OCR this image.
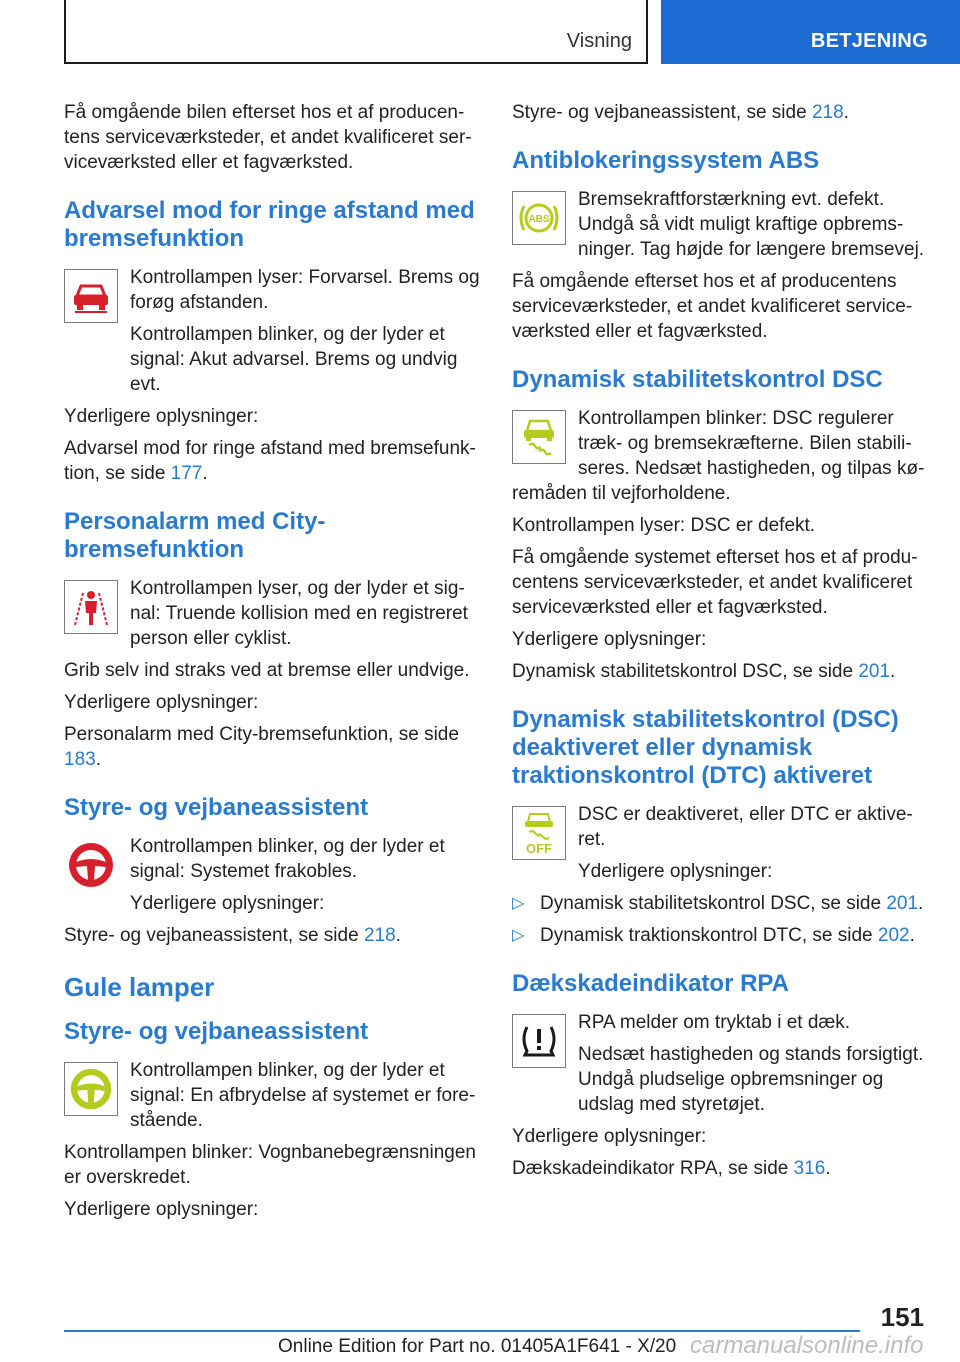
Visning	BETJENING

Få omgående bilen efterset hos et af producentens serviceværksteder, et andet kvalificeret serviceværksted eller et fagværksted.

Advarsel mod for ringe afstand med bremsefunktion

Kontrollampen lyser: Forvarsel. Brems og forøg afstanden.

Kontrollampen blinker, og der lyder et signal: Akut advarsel. Brems og undvig evt.

Yderligere oplysninger:

Advarsel mod for ringe afstand med bremsefunktion, se side 177.

Personalarm med City-bremsefunktion

Kontrollampen lyser, og der lyder et signal: Truende kollision med en registreret person eller cyklist.

Grib selv ind straks ved at bremse eller undvige.

Yderligere oplysninger:

Personalarm med City-bremsefunktion, se side 183.

Styre- og vejbaneassistent

Kontrollampen blinker, og der lyder et signal: Systemet frakobles.

Yderligere oplysninger:

Styre- og vejbaneassistent, se side 218.

Gule lamper
Styre- og vejbaneassistent

Kontrollampen blinker, og der lyder et signal: En afbrydelse af systemet er forestående.

Kontrollampen blinker: Vognbanebegrænsningen er overskredet.

Yderligere oplysninger:

Styre- og vejbaneassistent, se side 218.

Antiblokeringssystem ABS
ABS

Bremsekraftforstærkning evt. defekt. Undgå så vidt muligt kraftige opbremsninger. Tag højde for længere bremsevej.

Få omgående efterset hos et af producentens serviceværksteder, et andet kvalificeret serviceværksted eller et fagværksted.

Dynamisk stabilitetskontrol DSC

Kontrollampen blinker: DSC regulerer træk- og bremsekræfterne. Bilen stabiliseres. Nedsæt hastigheden, og tilpas køremåden til vejforholdene.

Kontrollampen lyser: DSC er defekt.

Få omgående systemet efterset hos et af producentens serviceværksteder, et andet kvalificeret serviceværksted eller et fagværksted.

Yderligere oplysninger:

Dynamisk stabilitetskontrol DSC, se side 201.

Dynamisk stabilitetskontrol (DSC) deaktiveret eller dynamisk traktionskontrol (DTC) aktiveret
OFF

DSC er deaktiveret, eller DTC er aktiveret.

Yderligere oplysninger:

▷ Dynamisk stabilitetskontrol DSC, se side 201.
▷ Dynamisk traktionskontrol DTC, se side 202.
Dækskadeindikator RPA

RPA melder om tryktab i et dæk.

Nedsæt hastigheden og stands forsigtigt. Undgå pludselige opbremsninger og udslag med styretøjet.

Yderligere oplysninger:

Dækskadeindikator RPA, se side 316.

151
Online Edition for Part no. 01405A1F641 - X/20 carmanualsonline.info
